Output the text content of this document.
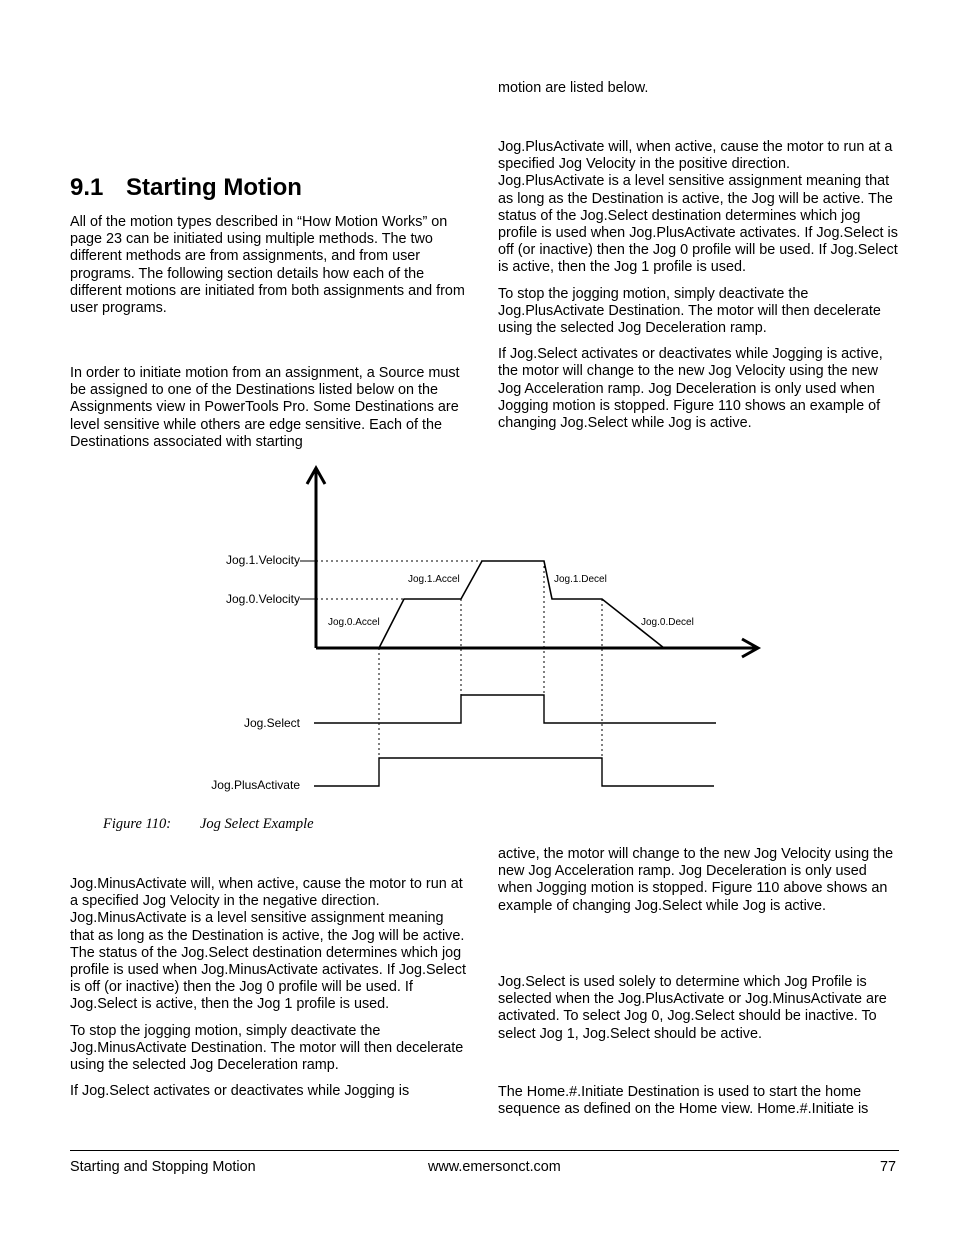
motion are listed below.

Jog.PlusActivate will, when active, cause the motor to run at a specified Jog Velocity in the positive direction. Jog.PlusActivate is a level sensitive assignment meaning that as long as the Destination is active, the Jog will be active. The status of the Jog.Select destination determines which jog profile is used when Jog.PlusActivate activates. If Jog.Select is off (or inactive) then the Jog 0 profile will be used. If Jog.Select is active, then the Jog 1 profile is used.

To stop the jogging motion, simply deactivate the Jog.PlusActivate Destination. The motor will then decelerate using the selected Jog Deceleration ramp.

If Jog.Select activates or deactivates while Jogging is active, the motor will change to the new Jog Velocity using the new Jog Acceleration ramp. Jog Deceleration is only used when Jogging motion is stopped. Figure 110 shows an example of changing Jog.Select while Jog is active.

9.1 Starting Motion

All of the motion types described in “How Motion Works” on page 23 can be initiated using multiple methods. The two different methods are from assignments, and from user programs. The following section details how each of the different motions are initiated from both assignments and from user programs.

In order to initiate motion from an assignment, a Source must be assigned to one of the Destinations listed below on the Assignments view in PowerTools Pro. Some Destinations are level sensitive while others are edge sensitive. Each of the Destinations associated with starting

Jog.1.Velocity
Jog.0.Velocity
Jog.1.Accel	Jog.1.Decel
Jog.0.Accel	Jog.0.Decel
Jog.Select
Jog.PlusActivate
Figure 110: Jog Select Example

Jog.MinusActivate will, when active, cause the motor to run at a specified Jog Velocity in the negative direction. Jog.MinusActivate is a level sensitive assignment meaning that as long as the Destination is active, the Jog will be active. The status of the Jog.Select destination determines which jog profile is used when Jog.MinusActivate activates. If Jog.Select is off (or inactive) then the Jog 0 profile will be used. If Jog.Select is active, then the Jog 1 profile is used.

To stop the jogging motion, simply deactivate the Jog.MinusActivate Destination. The motor will then decelerate using the selected Jog Deceleration ramp.

If Jog.Select activates or deactivates while Jogging is

active, the motor will change to the new Jog Velocity using the new Jog Acceleration ramp. Jog Deceleration is only used when Jogging motion is stopped. Figure 110 above shows an example of changing Jog.Select while Jog is active.

Jog.Select is used solely to determine which Jog Profile is selected when the Jog.PlusActivate or Jog.MinusActivate are activated. To select Jog 0, Jog.Select should be inactive. To select Jog 1, Jog.Select should be active.

The Home.#.Initiate Destination is used to start the home sequence as defined on the Home view. Home.#.Initiate is

Starting and Stopping Motion	www.emersonct.com	77
